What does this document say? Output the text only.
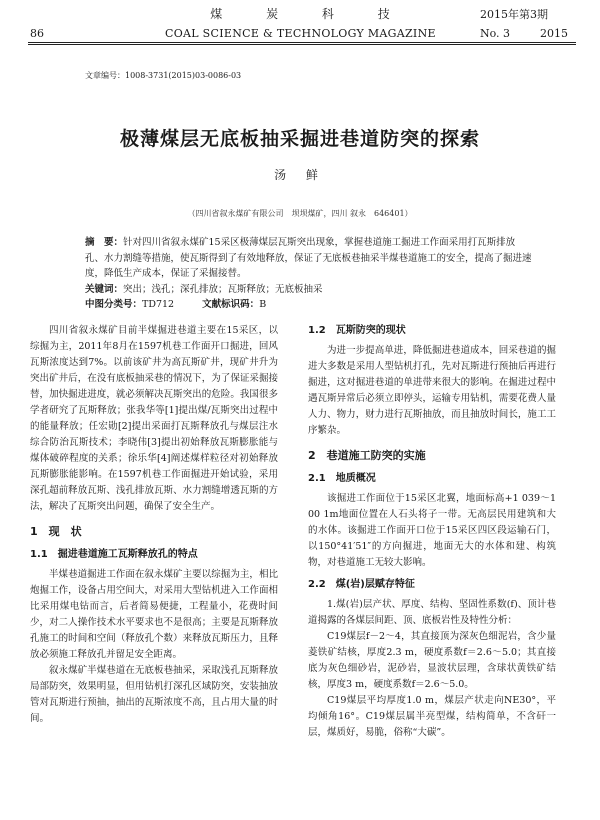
煤 炭 科 技	2015年第3期
86	COAL SCIENCE & TECHNOLOGY MAGAZINE	No. 3	2015
文章编号：1008-3731(2015)03-0086-03
极薄煤层无底板抽采掘进巷道防突的探索
汤 鲜
（四川省叙永煤矿有限公司　坝坝煤矿，四川 叙永　646401）
摘　要：针对四川省叙永煤矿15采区极薄煤层瓦斯突出现象，掌握巷道施工掘进工作面采用打瓦斯排放孔、水力割缝等措施，使瓦斯得到了有效地释放，保证了无底板巷抽采半煤巷道施工的安全，提高了掘进速度，降低生产成本，保证了采掘接替。
关键词：突出；浅孔；深孔排放；瓦斯释放；无底板抽采
中图分类号：TD712	文献标识码：B

四川省叙永煤矿目前半煤掘进巷道主要在15采区，以综掘为主，2011年8月在1597机巷工作面开口掘进，回风瓦斯浓度达到7%。以前该矿井为高瓦斯矿井，现矿井升为突出矿井后，在没有底板抽采巷的情况下，为了保证采掘接替，加快掘进进度，就必须解决瓦斯突出的危险。我国很多学者研究了瓦斯释放；张我华等[1]提出煤/瓦斯突出过程中的能量释放；任宏勋[2]提出采面打瓦斯释放孔与煤层注水综合防治瓦斯技术；李晓伟[3]提出初始释放瓦斯膨胀能与煤体破碎程度的关系；徐乐华[4]阐述煤样粒径对初始释放瓦斯膨胀能影响。在1597机巷工作面掘进开始试验，采用深孔超前释放瓦斯、浅孔排放瓦斯、水力割缝增透瓦斯的方法，解决了瓦斯突出问题，确保了安全生产。

1　现　状
1.1　掘进巷道施工瓦斯释放孔的特点

半煤巷道掘进工作面在叙永煤矿主要以综掘为主，相比炮掘工作，设备占用空间大，对采用大型钻机进入工作面相比采用煤电钻而言，后者简易便捷，工程量小，花费时间少，对二人操作技术水平要求也不是很高；主要是瓦斯释放孔施工的时间和空间（释放孔个数）来释放瓦斯压力，且释放必须施工释放孔并留足安全距离。

叙永煤矿半煤巷道在无底板巷抽采，采取浅孔瓦斯释放局部防突，效果明显，但用钻机打深孔区域防突，安装抽放管对瓦斯进行预抽，抽出的瓦斯浓度不高，且占用大量的时间。

1.2　瓦斯防突的现状

为进一步提高单进，降低掘进巷道成本，回采巷道的掘进大多数是采用人型钻机打孔，先对瓦斯进行预抽后再进行掘进，这对掘进巷道的单进带来很大的影响。在掘进过程中遇瓦斯异常后必须立即停头，运输专用钻机，需要花费人量人力、物力，财力进行瓦斯抽放，而且抽放时间长，施工工序繁杂。

2　巷道施工防突的实施
2.1　地质概况

该掘进工作面位于15采区北翼，地面标高+1 039～1 00 1m地面位置在人石头将子一带。无高层民用建筑和大的水体。该掘进工作面开口位于15采区四区段运输石门，以150°41′51″的方向掘进，地面无大的水体和建、构筑物，对巷道施工无较大影响。

2.2　煤(岩)层赋存特征

1.煤(岩)层产状、厚度、结构、坚固性系数(f)、顶计巷道揭露的各煤层间距、顶、底板岩性及特性分析：

C19煤层f－2～4，其直接顶为深灰色细泥岩，含少量菱铁矿结核，厚度2.3 m，硬度系数f＝2.6～5.0；其直接底为灰色细砂岩，泥砂岩，显波状层理，含球状黄铁矿结核，厚度3 m，硬度系数f＝2.6～5.0。

C19煤层平均厚度1.0 m，煤层产状走向NE30°，平均倾角16°。C19煤层属半亮型煤，结构简单，不含矸一层，煤质好，易脆，俗称“大碳”。
